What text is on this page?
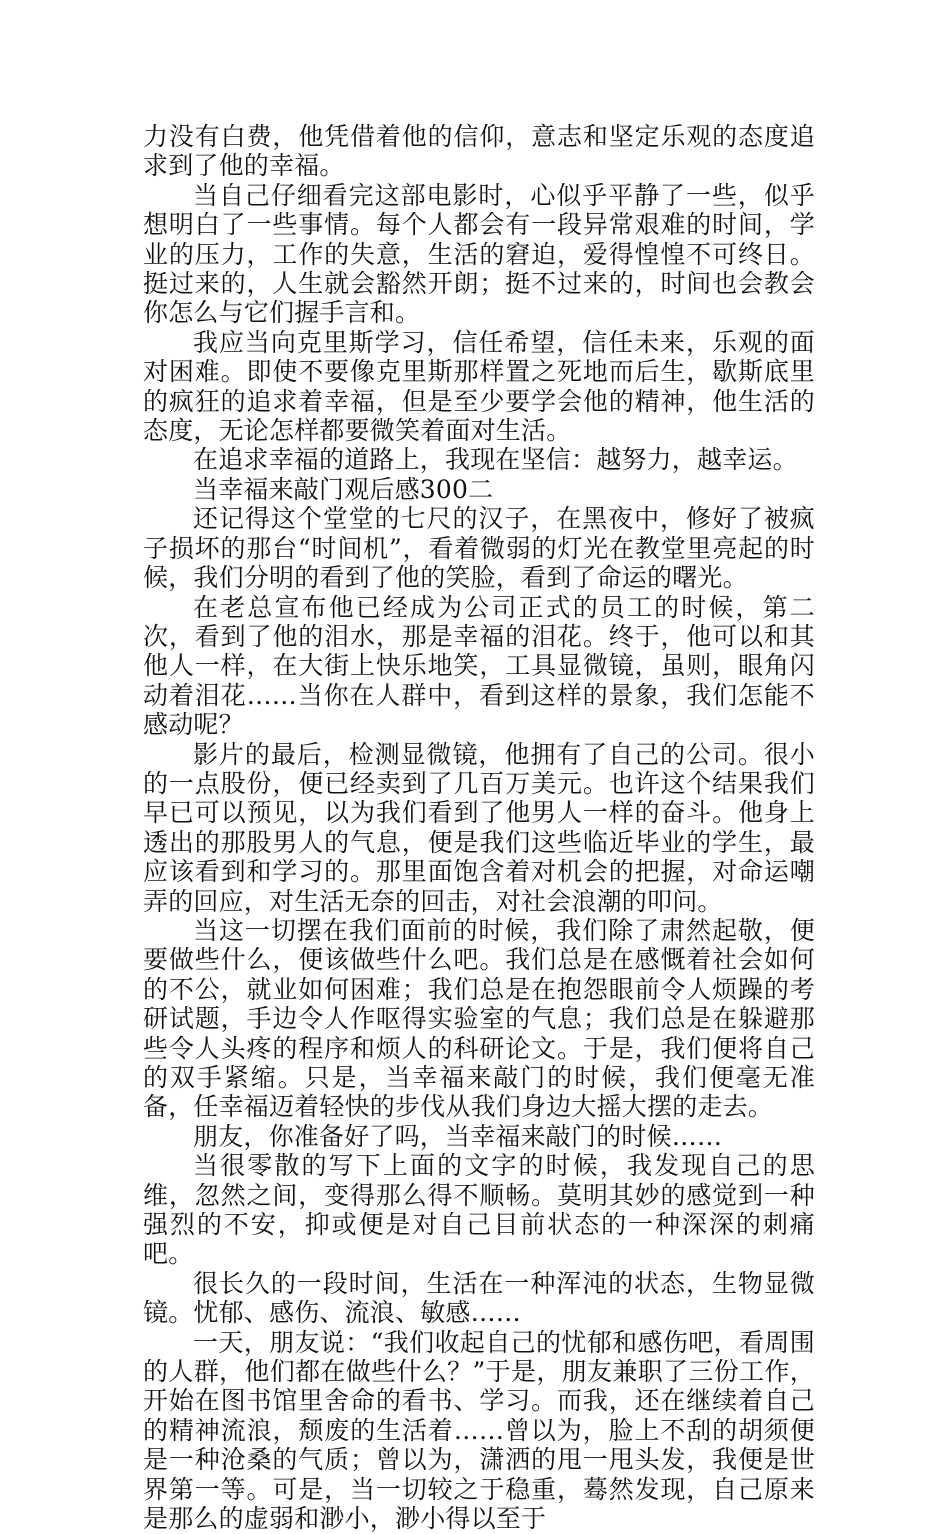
力没有白费，他凭借着他的信仰，意志和坚定乐观的态度追求到了他的幸福。

当自己仔细看完这部电影时，心似乎平静了一些，似乎想明白了一些事情。每个人都会有一段异常艰难的时间，学业的压力，工作的失意，生活的窘迫，爱得惶惶不可终日。挺过来的，人生就会豁然开朗；挺不过来的，时间也会教会你怎么与它们握手言和。

我应当向克里斯学习，信任希望，信任未来，乐观的面对困难。即使不要像克里斯那样置之死地而后生，歇斯底里的疯狂的追求着幸福，但是至少要学会他的精神，他生活的态度，无论怎样都要微笑着面对生活。

在追求幸福的道路上，我现在坚信：越努力，越幸运。

当幸福来敲门观后感300二

还记得这个堂堂的七尺的汉子，在黑夜中，修好了被疯子损坏的那台“时间机”，看着微弱的灯光在教堂里亮起的时候，我们分明的看到了他的笑脸，看到了命运的曙光。

在老总宣布他已经成为公司正式的员工的时候，第二次，看到了他的泪水，那是幸福的泪花。终于，他可以和其他人一样，在大街上快乐地笑，工具显微镜，虽则，眼角闪动着泪花……当你在人群中，看到这样的景象，我们怎能不感动呢？

影片的最后，检测显微镜，他拥有了自己的公司。很小的一点股份，便已经卖到了几百万美元。也许这个结果我们早已可以预见，以为我们看到了他男人一样的奋斗。他身上透出的那股男人的气息，便是我们这些临近毕业的学生，最应该看到和学习的。那里面饱含着对机会的把握，对命运嘲弄的回应，对生活无奈的回击，对社会浪潮的叩问。

当这一切摆在我们面前的时候，我们除了肃然起敬，便要做些什么，便该做些什么吧。我们总是在感慨着社会如何的不公，就业如何困难；我们总是在抱怨眼前令人烦躁的考研试题，手边令人作呕得实验室的气息；我们总是在躲避那些令人头疼的程序和烦人的科研论文。于是，我们便将自己的双手紧缩。只是，当幸福来敲门的时候，我们便毫无准备，任幸福迈着轻快的步伐从我们身边大摇大摆的走去。

朋友，你准备好了吗，当幸福来敲门的时候……

当很零散的写下上面的文字的时候，我发现自己的思维，忽然之间，变得那么得不顺畅。莫明其妙的感觉到一种强烈的不安，抑或便是对自己目前状态的一种深深的刺痛吧。

很长久的一段时间，生活在一种浑沌的状态，生物显微镜。忧郁、感伤、流浪、敏感……

一天，朋友说：“我们收起自己的忧郁和感伤吧，看周围的人群，他们都在做些什么？”于是，朋友兼职了三份工作，开始在图书馆里舍命的看书、学习。而我，还在继续着自己的精神流浪，颓废的生活着……曾以为，脸上不刮的胡须便是一种沧桑的气质；曾以为，潇洒的甩一甩头发，我便是世界第一等。可是，当一切较之于稳重，蓦然发现，自己原来是那么的虚弱和渺小，渺小得以至于
